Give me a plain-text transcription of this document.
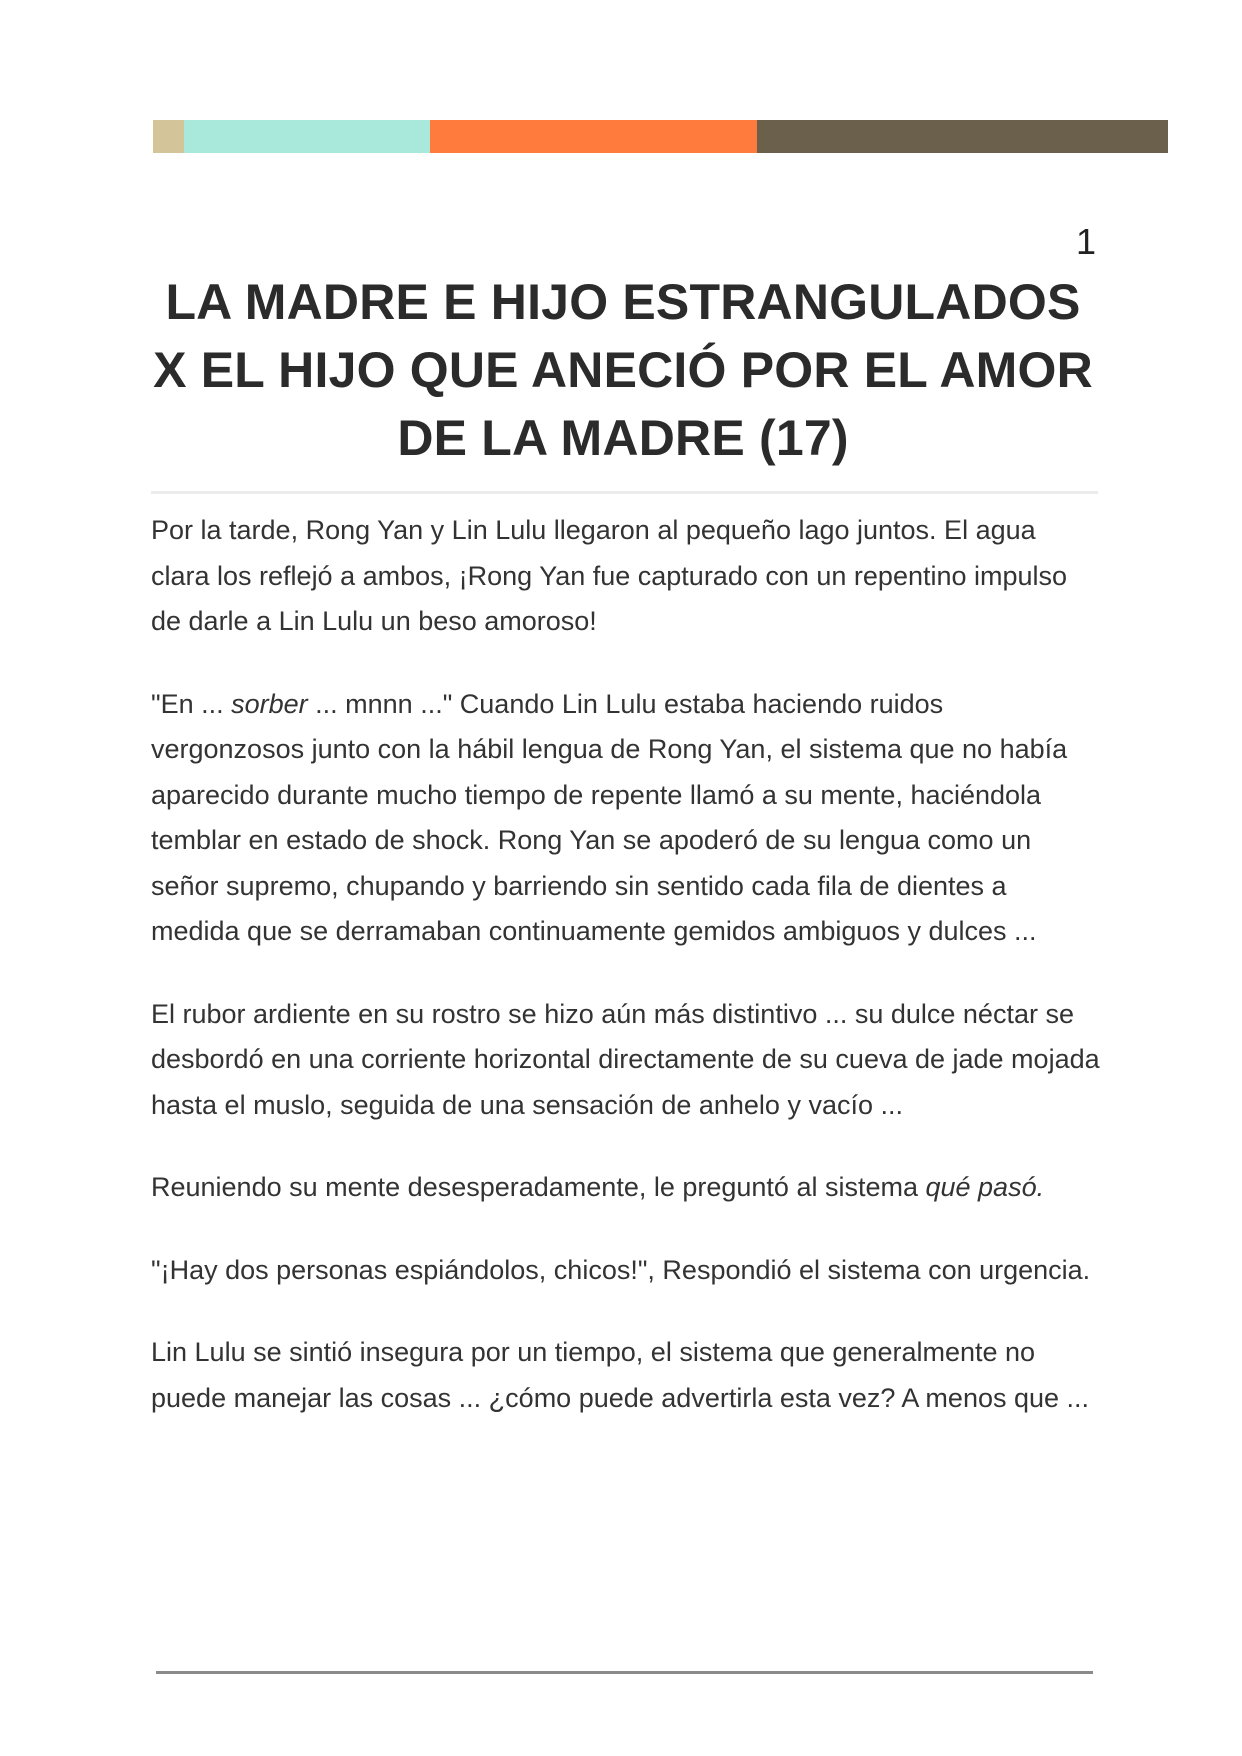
1
LA MADRE E HIJO ESTRANGULADOS X EL HIJO QUE ANECIÓ POR EL AMOR DE LA MADRE (17)

Por la tarde, Rong Yan y Lin Lulu llegaron al pequeño lago juntos. El agua clara los reflejó a ambos, ¡Rong Yan fue capturado con un repentino impulso de darle a Lin Lulu un beso amoroso!

"En ... sorber ... mnnn ..." Cuando Lin Lulu estaba haciendo ruidos vergonzosos junto con la hábil lengua de Rong Yan, el sistema que no había aparecido durante mucho tiempo de repente llamó a su mente, haciéndola temblar en estado de shock. Rong Yan se apoderó de su lengua como un señor supremo, chupando y barriendo sin sentido cada fila de dientes a medida que se derramaban continuamente gemidos ambiguos y dulces ...

El rubor ardiente en su rostro se hizo aún más distintivo ... su dulce néctar se desbordó en una corriente horizontal directamente de su cueva de jade mojada hasta el muslo, seguida de una sensación de anhelo y vacío ...

Reuniendo su mente desesperadamente, le preguntó al sistema qué pasó.

"¡Hay dos personas espiándolos, chicos!", Respondió el sistema con urgencia.

Lin Lulu se sintió insegura por un tiempo, el sistema que generalmente no puede manejar las cosas ... ¿cómo puede advertirla esta vez? A menos que ...
